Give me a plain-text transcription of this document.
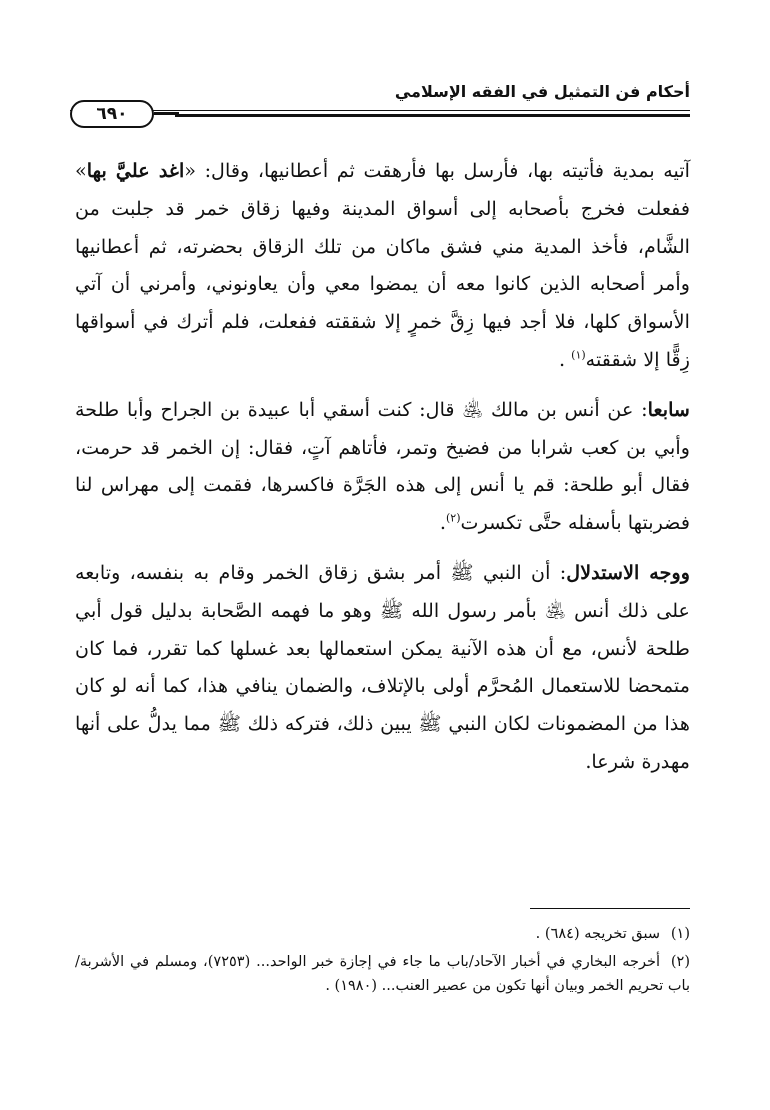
أحكام فن التمثيل في الفقه الإسلامي
٦٩٠

آتيه بمدية فأتيته بها، فأرسل بها فأرهقت ثم أعطانيها، وقال: «اغد عليَّ بها» ففعلت فخرج بأصحابه إلى أسواق المدينة وفيها زقاق خمر قد جلبت من الشَّام، فأخذ المدية مني فشق ماكان من تلك الزقاق بحضرته، ثم أعطانيها وأمر أصحابه الذين كانوا معه أن يمضوا معي وأن يعاونوني، وأمرني أن آتي الأسواق كلها، فلا أجد فيها زِقَّ خمرٍ إلا شققته ففعلت، فلم أترك في أسواقها زِقًّا إلا شققته$^{(١)}$ .

سابعا: عن أنس بن مالك ﵁ قال: كنت أسقي أبا عبيدة بن الجراح وأبا طلحة وأبي بن كعب شرابا من فضيخ وتمر، فأتاهم آتٍ، فقال: إن الخمر قد حرمت، فقال أبو طلحة: قم يا أنس إلى هذه الجَرَّة فاكسرها، فقمت إلى مهراس لنا فضربتها بأسفله حتَّى تكسرت$^{(٢)}$.

ووجه الاستدلال: أن النبي ﷺ أمر بشق زقاق الخمر وقام به بنفسه، وتابعه على ذلك أنس ﵁ بأمر رسول الله ﷺ وهو ما فهمه الصَّحابة بدليل قول أبي طلحة لأنس، مع أن هذه الآنية يمكن استعمالها بعد غسلها كما تقرر، فما كان متمحضا للاستعمال المُحرَّم أولى بالإتلاف، والضمان ينافي هذا، كما أنه لو كان هذا من المضمونات لكان النبي ﷺ يبين ذلك، فتركه ذلك ﷺ مما يدلُّ على أنها مهدرة شرعا.

(١)سبق تخريجه (٦٨٤) .

(٢)أخرجه البخاري في أخبار الآحاد/باب ما جاء في إجازة خبر الواحد... (٧٢٥٣)، ومسلم في الأشربة/باب تحريم الخمر وبيان أنها تكون من عصير العنب... (١٩٨٠) .
